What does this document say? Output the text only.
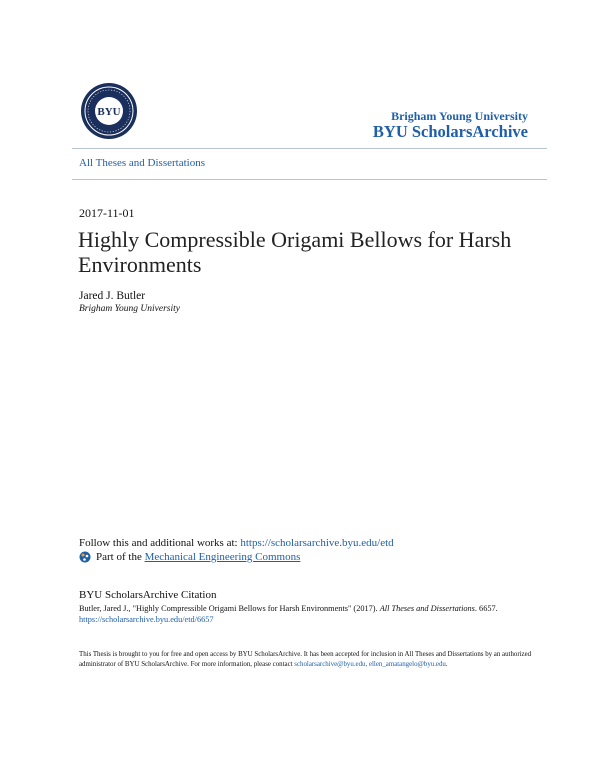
BYU	Brigham Young University
BYU ScholarsArchive
All Theses and Dissertations
2017-11-01
Highly Compressible Origami Bellows for Harsh Environments
Jared J. Butler
Brigham Young University
Follow this and additional works at: https://scholarsarchive.byu.edu/etd
Part of the Mechanical Engineering Commons
BYU ScholarsArchive Citation
Butler, Jared J., "Highly Compressible Origami Bellows for Harsh Environments" (2017). All Theses and Dissertations. 6657.
https://scholarsarchive.byu.edu/etd/6657
This Thesis is brought to you for free and open access by BYU ScholarsArchive. It has been accepted for inclusion in All Theses and Dissertations by an authorized administrator of BYU ScholarsArchive. For more information, please contact scholarsarchive@byu.edu, ellen_amatangelo@byu.edu.
